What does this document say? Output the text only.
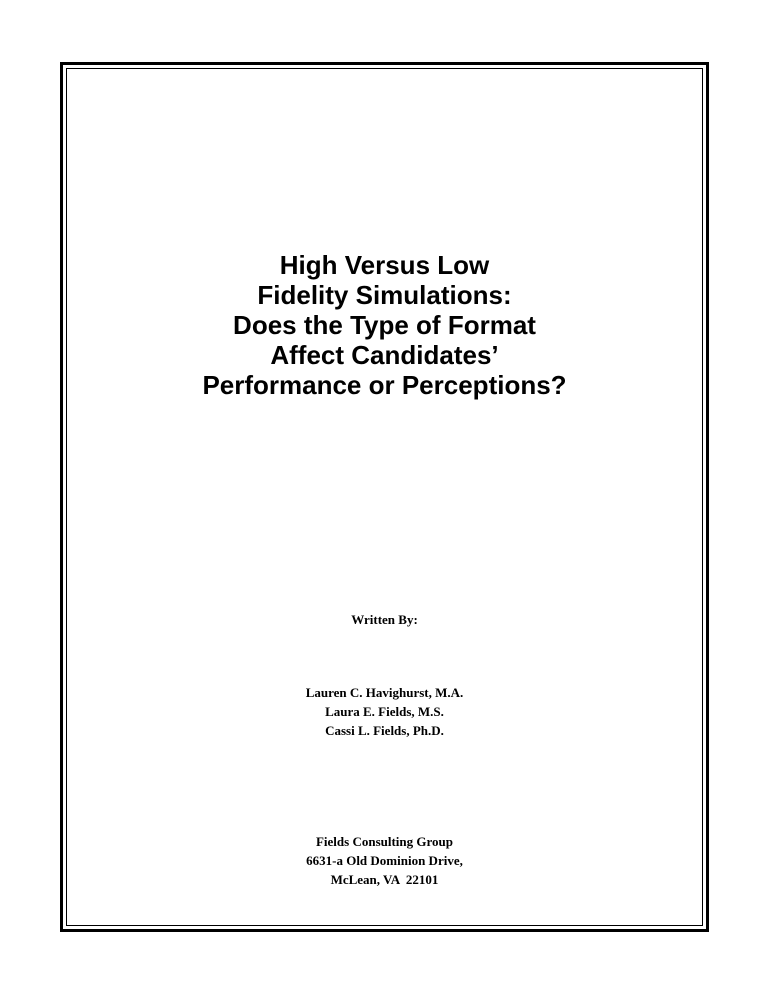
High Versus Low
Fidelity Simulations:
Does the Type of Format
Affect Candidates’
Performance or Perceptions?
Written By:
Lauren C. Havighurst, M.A.
Laura E. Fields, M.S.
Cassi L. Fields, Ph.D.
Fields Consulting Group
6631-a Old Dominion Drive,
McLean, VA  22101
